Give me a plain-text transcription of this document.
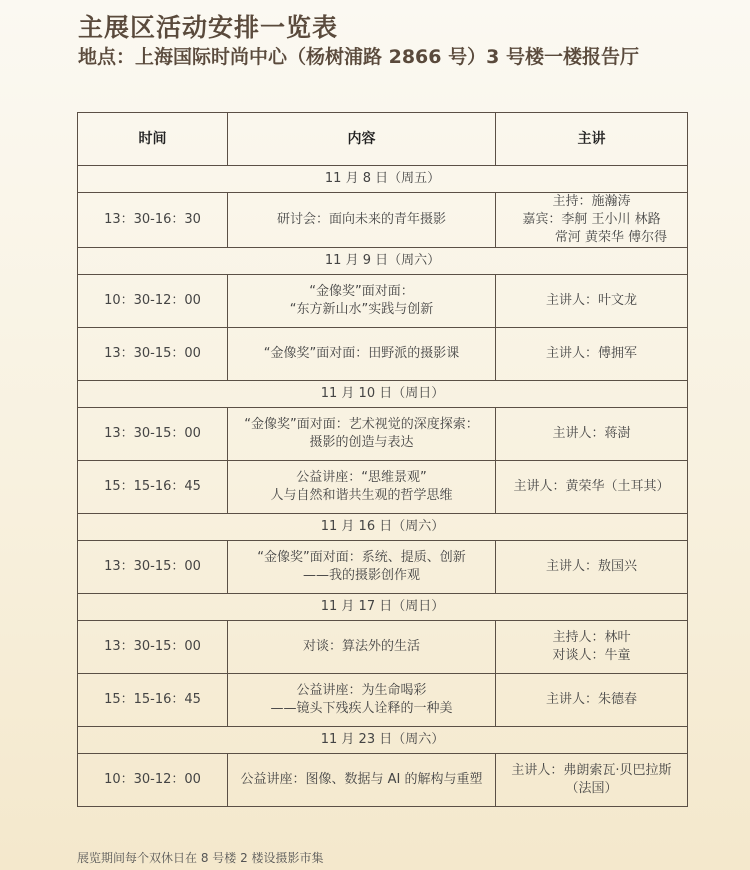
主展区活动安排一览表
地点：上海国际时尚中心（杨树浦路 2866 号）3 号楼一楼报告厅
时间	内容	主讲
11 月 8 日（周五）		
13：30-16：30	研讨会：面向未来的青年摄影	主持：施瀚涛
嘉宾：李舸 王小川 林路
常河 黄荣华 傅尔得

11 月 9 日（周六）		
10：30-12：00	“金像奖”面对面：
“东方新山水”实践与创新	主讲人：叶文龙

13：30-15：00	“金像奖”面对面：田野派的摄影课	主讲人：傅拥军

11 月 10 日（周日）		
13：30-15：00	“金像奖”面对面：艺术视觉的深度探索：
摄影的创造与表达	主讲人：蒋澍

15：15-16：45	公益讲座：“思维景观”
人与自然和谐共生观的哲学思维	主讲人：黄荣华（土耳其）

11 月 16 日（周六）		
13：30-15：00	“金像奖”面对面：系统、提质、创新
——我的摄影创作观	主讲人：敖国兴

11 月 17 日（周日）		
13：30-15：00	对谈：算法外的生活	主持人：林叶
对谈人：牛童

15：15-16：45	公益讲座：为生命喝彩
——镜头下残疾人诠释的一种美	主讲人：朱德春

11 月 23 日（周六）		
10：30-12：00	公益讲座：图像、数据与 AI 的解构与重塑	主讲人：弗朗索瓦·贝巴拉斯
（法国）
展览期间每个双休日在 8 号楼 2 楼设摄影市集
